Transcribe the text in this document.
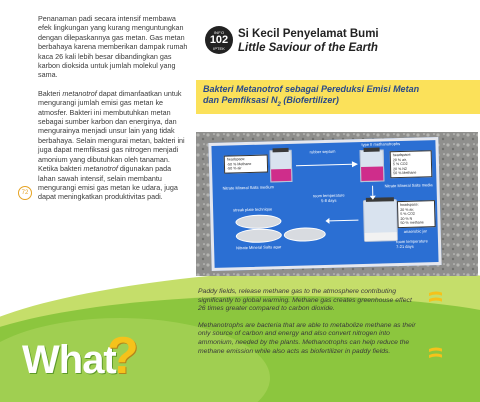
Penanaman padi secara intensif membawa efek lingkungan yang kurang menguntungkan dengan dilepaskannya gas metan. Gas metan berbahaya karena memberikan dampak rumah kaca 26 kali lebih besar dibandingkan gas karbon dioksida untuk jumlah molekul yang sama.

Bakteri metanotrof dapat dimanfaatkan untuk mengurangi jumlah emisi gas metan ke atmosfer. Bakteri ini membutuhkan metan sebagai sumber karbon dan energinya, dan mengurainya menjadi unsur lain yang tidak berbahaya. Selain mengurai metan, bakteri ini juga dapat memfiksasi gas nitrogen menjadi amonium yang dibutuhkan oleh tanaman. Ketika bakteri metanotrof digunakan pada lahan sawah intensif, selain membantu mengurangi emisi gas metan ke udara, juga dapat meningkatkan produktivitas padi.

72
INFO
102
IPTEK
Si Kecil Penyelamat Bumi
Little Saviour of the Earth
Bakteri Metanotrof sebagai Pereduksi Emisi Metan
dan Pemfiksasi $N_2$ (Biofertilizer)
rubber septum
type II methanotrophs
headspace:
-50 % Methane
-50 % air
headspace:
20 % air,
5 % CO2
20 % N2
50 % Methane
Nitrate Mineral Salts medium	Nitrate Mineral Salts media
room temperature
5-8 days
streak plate technique
headspace:
20 % air,
5 % CO2
20 % N
50 % methane
Nitrate Mineral Salts agar
room temperature
7-21 days
anaerobic jar

Paddy fields, release methane gas to the atmosphere contributing significantly to global warming. Methane gas creates greenhouse effect 26 times greater compared to carbon dioxide.

Methanotrophs are bacteria that are able to metabolize methane as their only source of carbon and energy and also convert nitrogen into ammonium, needed by the plants. Methanotrophs can help reduce the methane emission while also acts as biofertilizer in paddy fields.

What
?
